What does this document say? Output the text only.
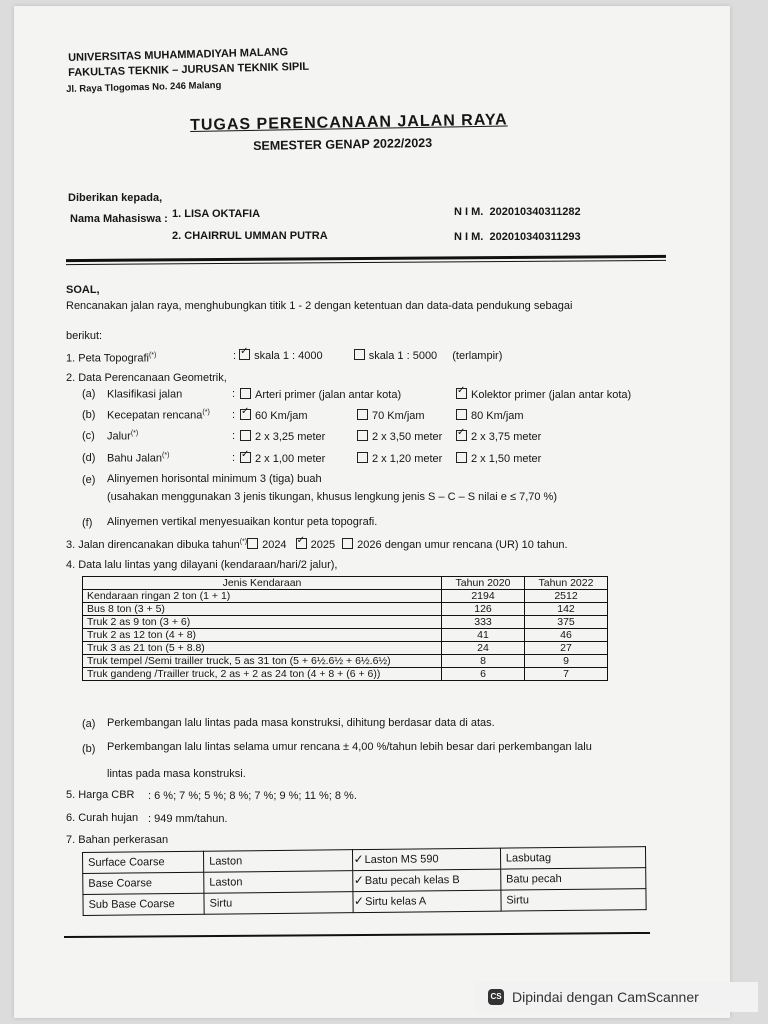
UNIVERSITAS MUHAMMADIYAH MALANG
FAKULTAS TEKNIK – JURUSAN TEKNIK SIPIL
Jl. Raya Tlogomas No. 246 Malang
TUGAS PERENCANAAN JALAN RAYA
SEMESTER GENAP 2022/2023
Diberikan kepada,
Nama Mahasiswa : 1. LISA OKTAFIA	N I M. 202010340311282
2. CHAIRRUL UMMAN PUTRA	N I M. 202010340311293
SOAL,
Rencanakan jalan raya, menghubungkan titik 1 - 2 dengan ketentuan dan data-data pendukung sebagai
berikut:
1. Peta Topografi(*)	: ✓ skala 1 : 4000	skala 1 : 5000 (terlampir)
2. Data Perencanaan Geometrik,
(a) Klasifikasi jalan	:	Arteri primer (jalan antar kota) ✓	Kolektor primer (jalan antar kota)
(b) Kecepatan rencana(*) : ✓	60 Km/jam	70 Km/jam	80 Km/jam
(c) Jalur(*)	:	2 x 3,25 meter	2 x 3,50 meter ✓	2 x 3,75 meter
(d) Bahu Jalan(*)	: ✓	2 x 1,00 meter	2 x 1,20 meter	2 x 1,50 meter
(e) Alinyemen horisontal minimum 3 (tiga) buah
(usahakan menggunakan 3 jenis tikungan, khusus lengkung jenis S – C – S nilai e ≤ 7,70 %)
(f) Alinyemen vertikal menyesuaikan kontur peta topografi.
3. Jalan direncanakan dibuka tahun(*) 2024 ✓ 2025 2026 dengan umur rencana (UR) 10 tahun.
4. Data lalu lintas yang dilayani (kendaraan/hari/2 jalur),
Jenis Kendaraan	Tahun 2020	Tahun 2022
Kendaraan ringan 2 ton (1 + 1)	2194	2512
Bus 8 ton (3 + 5)	126	142
Truk 2 as 9 ton (3 + 6)	333	375
Truk 2 as 12 ton (4 + 8)	41	46
Truk 3 as 21 ton (5 + 8.8)	24	27
Truk tempel /Semi trailler truck, 5 as 31 ton (5 + 6½.6½ + 6½.6½)	8	9
Truk gandeng /Trailler truck, 2 as + 2 as 24 ton (4 + 8 + (6 + 6))	6	7
(a) Perkembangan lalu lintas pada masa konstruksi, dihitung berdasar data di atas.
(b) Perkembangan lalu lintas selama umur rencana ± 4,00 %/tahun lebih besar dari perkembangan lalu
lintas pada masa konstruksi.
5. Harga CBR : 6 %; 7 %; 5 %; 8 %; 7 %; 9 %; 11 %; 8 %.
6. Curah hujan : 949 mm/tahun.
7. Bahan perkerasan
Surface Coarse	Laston	✓Laston MS 590	Lasbutag
Base Coarse	Laston	✓Batu pecah kelas B	Batu pecah
Sub Base Coarse	Sirtu	✓Sirtu kelas A	Sirtu
CS Dipindai dengan CamScanner
